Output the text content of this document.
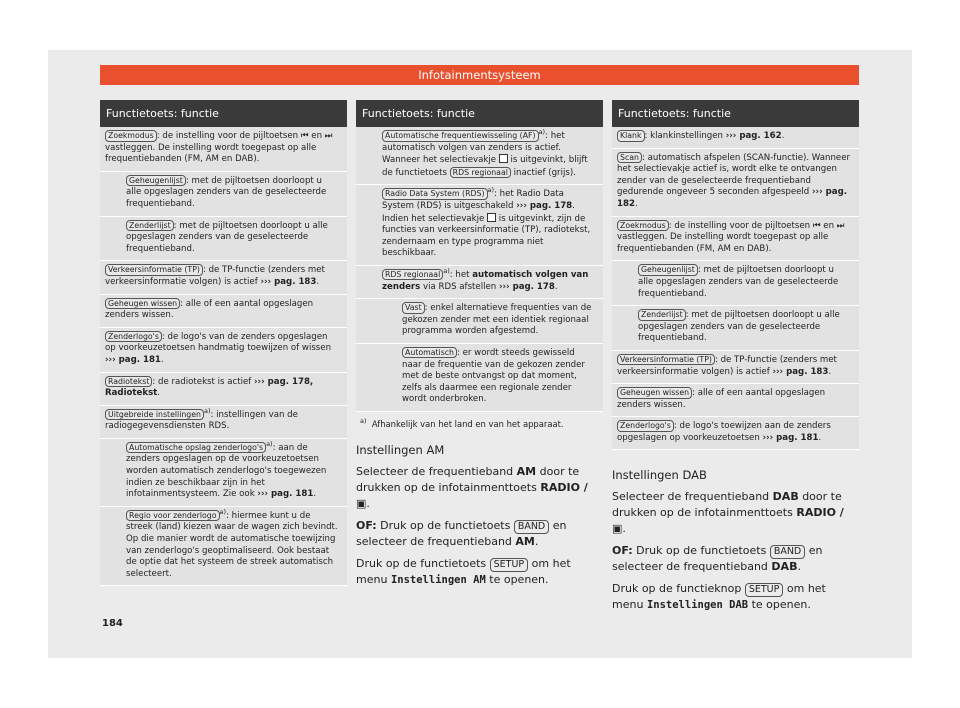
Infotainmentsysteem
Functietoets: functie
Zoekmodus : de instelling voor de pijltoetsen ⏮ en ⏭ vastleggen. De instelling wordt toegepast op alle frequentiebanden (FM, AM en DAB).
Geheugenlijst : met de pijltoetsen doorloopt u alle opgeslagen zenders van de geselecteerde frequentieband.
Zenderlijst : met de pijltoetsen doorloopt u alle opgeslagen zenders van de geselecteerde frequentieband.
Verkeersinformatie (TP) : de TP-functie (zenders met verkeersinformatie volgen) is actief ››› pag. 183.
Geheugen wissen : alle of een aantal opgeslagen zenders wissen.
Zenderlogo's : de logo's van de zenders opgeslagen op voorkeuzetoetsen handmatig toewijzen of wissen ››› pag. 181.
Radiotekst : de radiotekst is actief ››› pag. 178, Radiotekst.
Uitgebreide instellingen $^{a)}$: instellingen van de radiogegevensdiensten RDS.
Automatische opslag zenderlogo's $^{a)}$: aan de zenders opgeslagen op de voorkeuzetoetsen worden automatisch zenderlogo's toegewezen indien ze beschikbaar zijn in het infotainmentsysteem. Zie ook ››› pag. 181.
Regio voor zenderlogo $^{a)}$: hiermee kunt u de streek (land) kiezen waar de wagen zich bevindt. Op die manier wordt de automatische toewijzing van zenderlogo's geoptimaliseerd. Ook bestaat de optie dat het systeem de streek automatisch selecteert.
Functietoets: functie
Automatische frequentiewisseling (AF) $^{a)}$: het automatisch volgen van zenders is actief. Wanneer het selectievakje  is uitgevinkt, blijft de functietoets RDS regionaal inactief (grijs).
Radio Data System (RDS) $^{a)}$: het Radio Data System (RDS) is uitgeschakeld ››› pag. 178. Indien het selectievakje  is uitgevinkt, zijn de functies van verkeersinformatie (TP), radiotekst, zendernaam en type programma niet beschikbaar.
RDS regionaal $^{a)}$: het automatisch volgen van zenders via RDS afstellen ››› pag. 178.
Vast : enkel alternatieve frequenties van de gekozen zender met een identiek regionaal programma worden afgestemd.
Automatisch : er wordt steeds gewisseld naar de frequentie van de gekozen zender met de beste ontvangst op dat moment, zelfs als daarmee een regionale zender wordt onderbroken.
$^{a)}$ Afhankelijk van het land en van het apparaat.
Instellingen AM
Selecteer de frequentieband AM door te drukken op de infotainmenttoets RADIO / ▣.
OF: Druk op de functietoets BAND en selecteer de frequentieband AM.
Druk op de functietoets SETUP om het menu Instellingen AM te openen.
Functietoets: functie
Klank : klankinstellingen ››› pag. 162.
Scan : automatisch afspelen (SCAN-functie). Wanneer het selectievakje actief is, wordt elke te ontvangen zender van de geselecteerde frequentieband gedurende ongeveer 5 seconden afgespeeld ››› pag. 182.
Zoekmodus : de instelling voor de pijltoetsen ⏮ en ⏭ vastleggen. De instelling wordt toegepast op alle frequentiebanden (FM, AM en DAB).
Geheugenlijst : met de pijltoetsen doorloopt u alle opgeslagen zenders van de geselecteerde frequentieband.
Zenderlijst : met de pijltoetsen doorloopt u alle opgeslagen zenders van de geselecteerde frequentieband.
Verkeersinformatie (TP) : de TP-functie (zenders met verkeersinformatie volgen) is actief ››› pag. 183.
Geheugen wissen : alle of een aantal opgeslagen zenders wissen.
Zenderlogo's : de logo's toewijzen aan de zenders opgeslagen op voorkeuzetoetsen ››› pag. 181.
Instellingen DAB
Selecteer de frequentieband DAB door te drukken op de infotainmenttoets RADIO / ▣.
OF: Druk op de functietoets BAND en selecteer de frequentieband DAB.
Druk op de functieknop SETUP om het menu Instellingen DAB te openen.
184
